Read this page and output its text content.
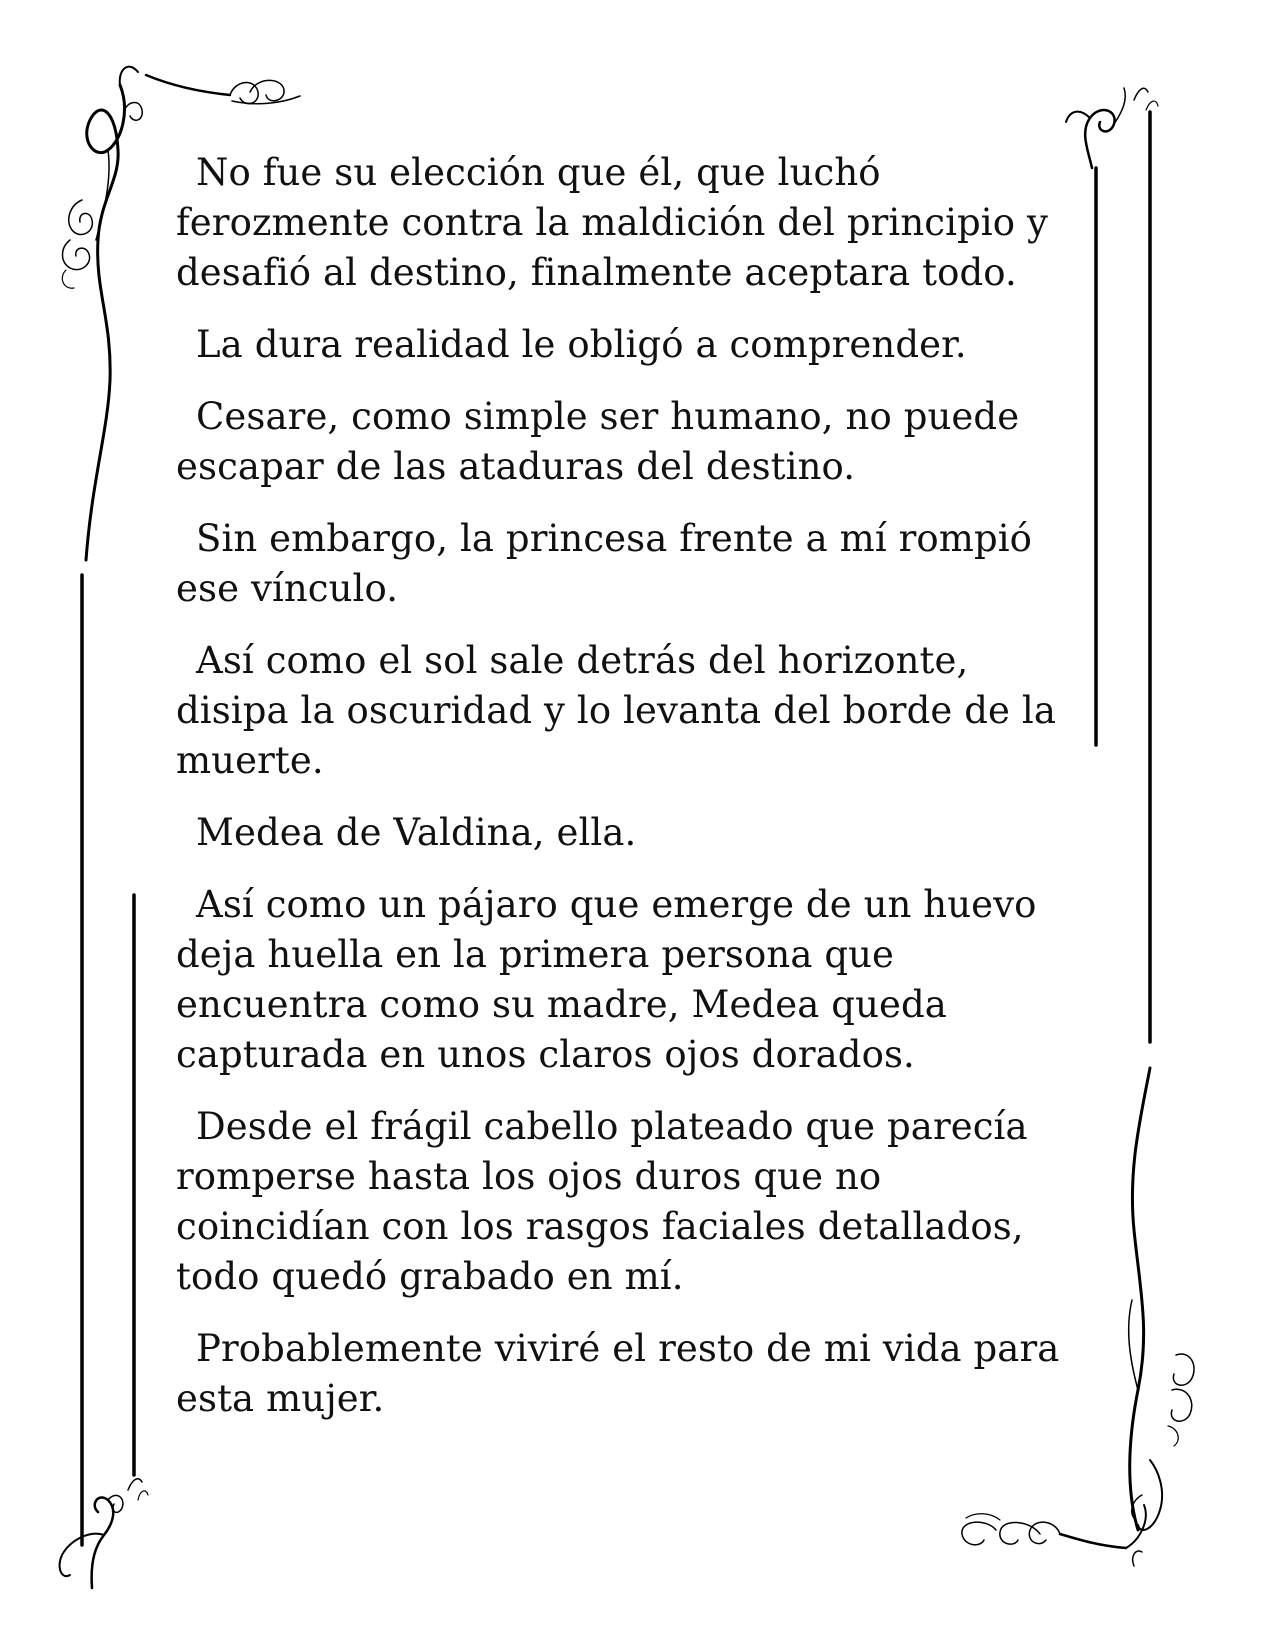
No fue su elección que él, que luchó ferozmente contra la maldición del principio y desafió al destino, finalmente aceptara todo.

La dura realidad le obligó a comprender.

Cesare, como simple ser humano, no puede escapar de las ataduras del destino.

Sin embargo, la princesa frente a mí rompió ese vínculo.

Así como el sol sale detrás del horizonte, disipa la oscuridad y lo levanta del borde de la muerte.

Medea de Valdina, ella.

Así como un pájaro que emerge de un huevo deja huella en la primera persona que encuentra como su madre, Medea queda capturada en unos claros ojos dorados.

Desde el frágil cabello plateado que parecía romperse hasta los ojos duros que no coincidían con los rasgos faciales detallados, todo quedó grabado en mí.

Probablemente viviré el resto de mi vida para esta mujer.
